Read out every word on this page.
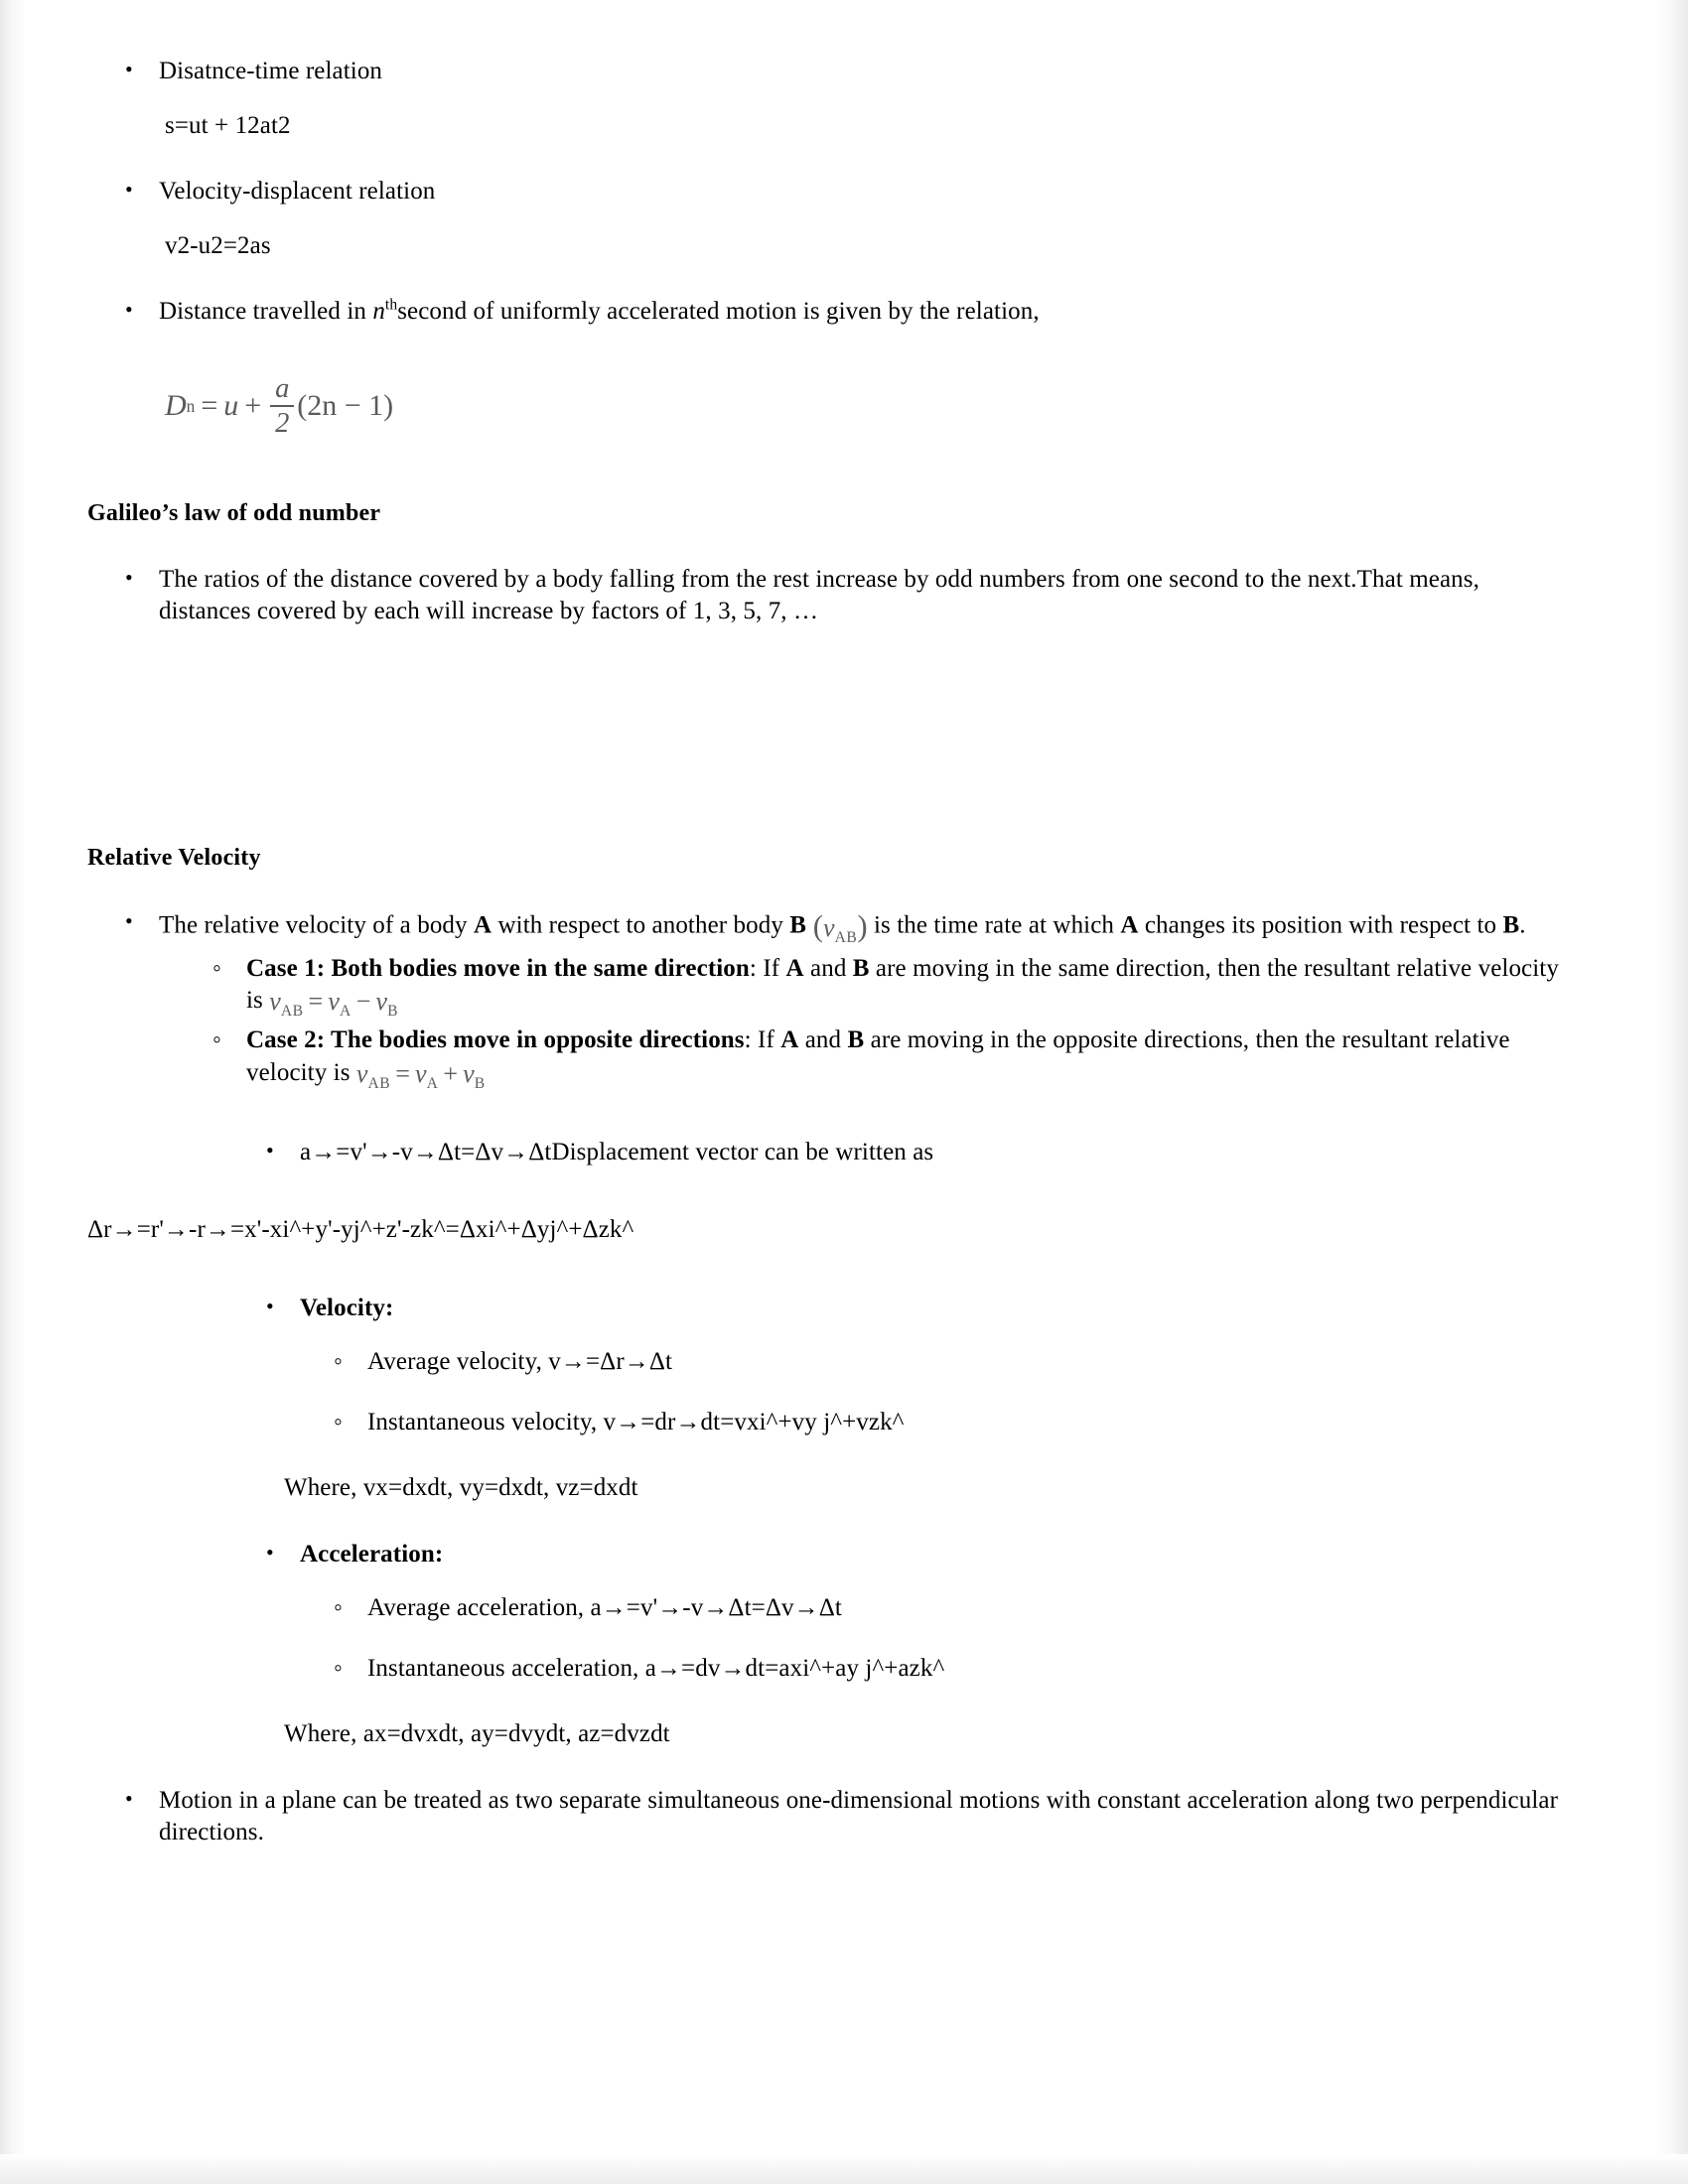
•
Disatnce-time relation
s=ut + 12at2
•
Velocity-displacent relation
v2-u2=2as
•
Distance travelled in $n^{th}second$ of uniformly accelerated motion is given by the relation,
D $n = u + \frac{a}{2} (2n - 1)$
Galileo’s law of odd number
•
The ratios of the distance covered by a body falling from the rest increase by odd numbers from one second to the next.That means, distances covered by each will increase by factors of 1, 3, 5, 7, …
Relative Velocity
•
The relative velocity of a body A with respect to another body B $(v_{AB})$ is the time rate at which A changes its position with respect to B.
◦
Case 1: Both bodies move in the same direction: If A and B are moving in the same direction, then the resultant relative velocity is $v_{AB} = v_A - v_B$
◦
Case 2: The bodies move in opposite directions: If A and B are moving in the opposite directions, then the resultant relative velocity is $v_{AB} = v_A + v_B$
•
a→=v'→-v→Δt=Δv→ΔtDisplacement vector can be written as
Δr→=r'→-r→=x'-xi^+y'-yj^+z'-zk^=Δxi^+Δyj^+Δzk^
•
Velocity:
◦
Average velocity, v→=Δr→Δt
◦
Instantaneous velocity, v→=dr→dt=vxi^+vy j^+vzk^
Where, vx=dxdt, vy=dxdt, vz=dxdt
•
Acceleration:
◦
Average acceleration, a→=v'→-v→Δt=Δv→Δt
◦
Instantaneous acceleration, a→=dv→dt=axi^+ay j^+azk^
Where, ax=dvxdt, ay=dvydt, az=dvzdt
•
Motion in a plane can be treated as two separate simultaneous one-dimensional motions with constant acceleration along two perpendicular directions.
